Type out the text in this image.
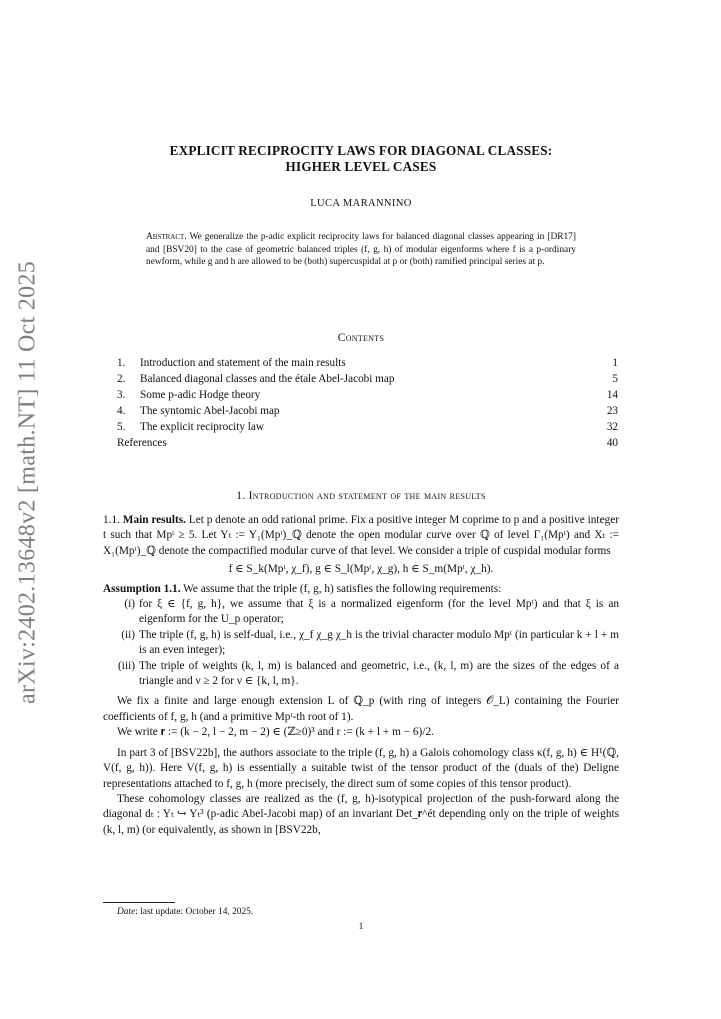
arXiv:2402.13648v2 [math.NT] 11 Oct 2025
EXPLICIT RECIPROCITY LAWS FOR DIAGONAL CLASSES:
HIGHER LEVEL CASES
LUCA MARANNINO
Abstract. We generalize the p-adic explicit reciprocity laws for balanced diagonal classes appearing in [DR17] and [BSV20] to the case of geometric balanced triples (f, g, h) of modular eigenforms where f is a p-ordinary newform, while g and h are allowed to be (both) supercuspidal at p or (both) ramified principal series at p.
Contents
1. Introduction and statement of the main results	1
2. Balanced diagonal classes and the étale Abel-Jacobi map	5
3. Some p-adic Hodge theory	14
4. The syntomic Abel-Jacobi map	23
5. The explicit reciprocity law	32
References	40
1. Introduction and statement of the main results

1.1. Main results. Let p denote an odd rational prime. Fix a positive integer M coprime to p and a positive integer t such that Mpᵗ ≥ 5. Let Yₜ := Y₁(Mpᵗ)_ℚ denote the open modular curve over ℚ of level Γ₁(Mpᵗ) and Xₜ := X₁(Mpᵗ)_ℚ denote the compactified modular curve of that level. We consider a triple of cuspidal modular forms

f ∈ S_k(Mpᵗ, χ_f), g ∈ S_l(Mpᵗ, χ_g), h ∈ S_m(Mpᵗ, χ_h).

Assumption 1.1. We assume that the triple (f, g, h) satisfies the following requirements:

(i) for ξ ∈ {f, g, h}, we assume that ξ is a normalized eigenform (for the level Mpᵗ) and that ξ is an eigenform for the U_p operator;
(ii) The triple (f, g, h) is self-dual, i.e., χ_f χ_g χ_h is the trivial character modulo Mpᵗ (in particular k + l + m is an even integer);
(iii) The triple of weights (k, l, m) is balanced and geometric, i.e., (k, l, m) are the sizes of the edges of a triangle and ν ≥ 2 for ν ∈ {k, l, m}.

We fix a finite and large enough extension L of ℚ_p (with ring of integers 𝒪_L) containing the Fourier coefficients of f, g, h (and a primitive Mpᵗ-th root of 1).

We write 𝐫 := (k − 2, l − 2, m − 2) ∈ (ℤ≥0)³ and r := (k + l + m − 6)/2.

In part 3 of [BSV22b], the authors associate to the triple (f, g, h) a Galois cohomology class κ(f, g, h) ∈ H¹(ℚ, V(f, g, h)). Here V(f, g, h) is essentially a suitable twist of the tensor product of the (duals of the) Deligne representations attached to f, g, h (more precisely, the direct sum of some copies of this tensor product).

These cohomology classes are realized as the (f, g, h)-isotypical projection of the push-forward along the diagonal dₜ : Yₜ ↪ Yₜ³ (p-adic Abel-Jacobi map) of an invariant Det_𝐫^ét depending only on the triple of weights (k, l, m) (or equivalently, as shown in [BSV22b,

Date: last update: October 14, 2025.
1
